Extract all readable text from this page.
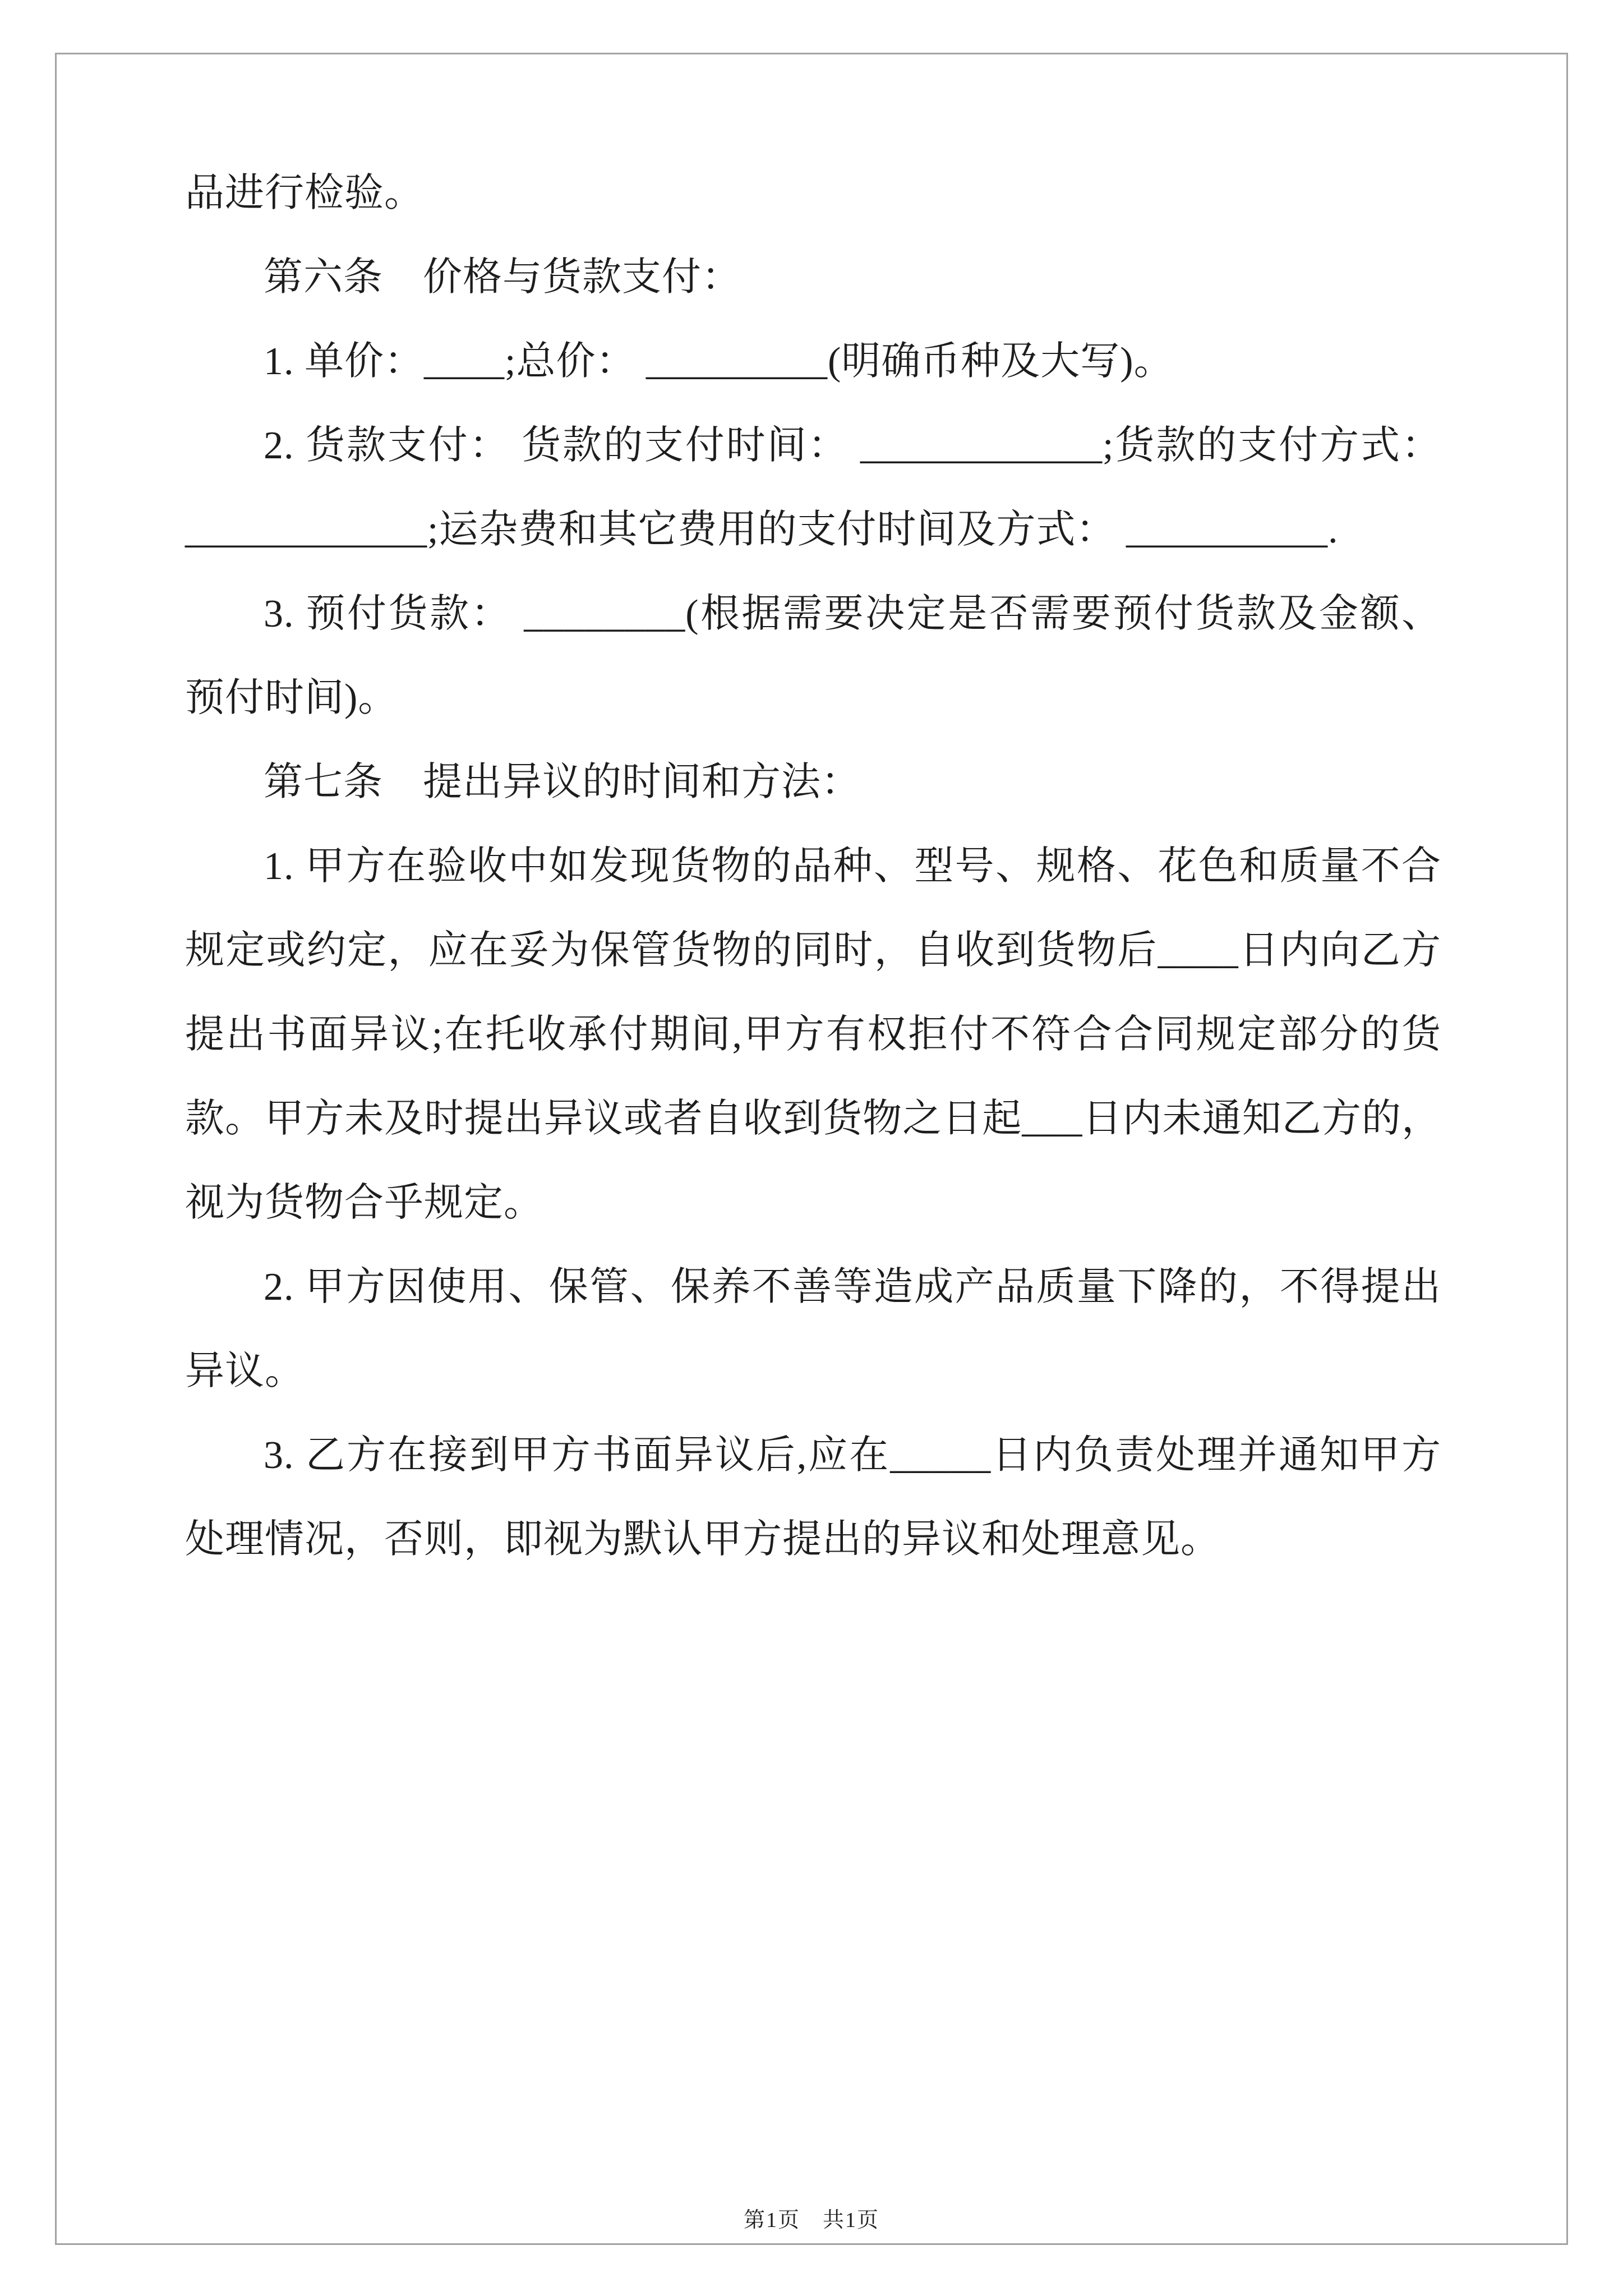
品进行检验。

第六条　价格与货款支付：

1. 单价：____;总价： _________(明确币种及大写)。

2. 货款支付： 货款的支付时间： ____________;货款的支付方式：____________;运杂费和其它费用的支付时间及方式： __________.

3. 预付货款： ________(根据需要决定是否需要预付货款及金额、预付时间)。

第七条　提出异议的时间和方法：

1. 甲方在验收中如发现货物的品种、型号、规格、花色和质量不合规定或约定，应在妥为保管货物的同时，自收到货物后____日内向乙方提出书面异议;在托收承付期间,甲方有权拒付不符合合同规定部分的货款。甲方未及时提出异议或者自收到货物之日起___日内未通知乙方的，视为货物合乎规定。

2. 甲方因使用、保管、保养不善等造成产品质量下降的，不得提出异议。

3. 乙方在接到甲方书面异议后,应在_____日内负责处理并通知甲方处理情况，否则，即视为默认甲方提出的异议和处理意见。

第1页　共1页
